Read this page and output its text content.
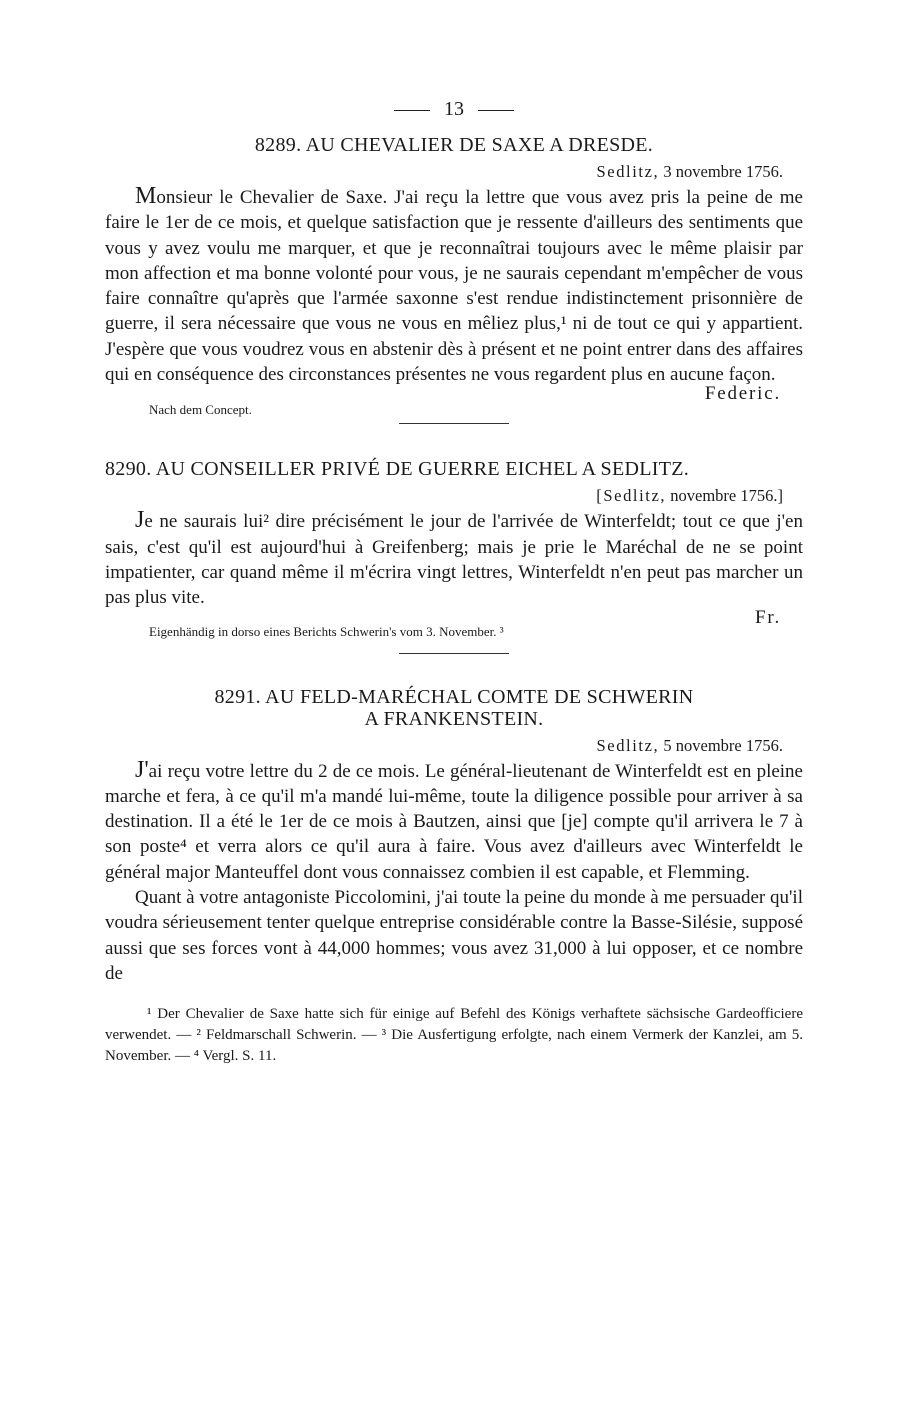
13
8289. AU CHEVALIER DE SAXE A DRESDE.
Sedlitz, 3 novembre 1756.

Monsieur le Chevalier de Saxe. J'ai reçu la lettre que vous avez pris la peine de me faire le 1er de ce mois, et quelque satisfaction que je ressente d'ailleurs des sentiments que vous y avez voulu me marquer, et que je reconnaîtrai toujours avec le même plaisir par mon affection et ma bonne volonté pour vous, je ne saurais cependant m'empêcher de vous faire connaître qu'après que l'armée saxonne s'est rendue indistinctement prisonnière de guerre, il sera nécessaire que vous ne vous en mêliez plus,¹ ni de tout ce qui y appartient. J'espère que vous voudrez vous en abstenir dès à présent et ne point entrer dans des affaires qui en conséquence des circonstances présentes ne vous regardent plus en aucune façon.

Nach dem Concept.
Federic.
8290. AU CONSEILLER PRIVÉ DE GUERRE EICHEL A SEDLITZ.
[Sedlitz, novembre 1756.]

Je ne saurais lui² dire précisément le jour de l'arrivée de Winterfeldt; tout ce que j'en sais, c'est qu'il est aujourd'hui à Greifenberg; mais je prie le Maréchal de ne se point impatienter, car quand même il m'écrira vingt lettres, Winterfeldt n'en peut pas marcher un pas plus vite.

Eigenhändig in dorso eines Berichts Schwerin's vom 3. November. ³
Fr.
8291. AU FELD-MARÉCHAL COMTE DE SCHWERIN
A FRANKENSTEIN.
Sedlitz, 5 novembre 1756.

J'ai reçu votre lettre du 2 de ce mois. Le général-lieutenant de Winterfeldt est en pleine marche et fera, à ce qu'il m'a mandé lui-même, toute la diligence possible pour arriver à sa destination. Il a été le 1er de ce mois à Bautzen, ainsi que [je] compte qu'il arrivera le 7 à son poste⁴ et verra alors ce qu'il aura à faire. Vous avez d'ailleurs avec Winterfeldt le général major Manteuffel dont vous connaissez combien il est capable, et Flemming.

Quant à votre antagoniste Piccolomini, j'ai toute la peine du monde à me persuader qu'il voudra sérieusement tenter quelque entreprise considérable contre la Basse-Silésie, supposé aussi que ses forces vont à 44,000 hommes; vous avez 31,000 à lui opposer, et ce nombre de

¹ Der Chevalier de Saxe hatte sich für einige auf Befehl des Königs verhaftete sächsische Gardeofficiere verwendet. — ² Feldmarschall Schwerin. — ³ Die Ausfertigung erfolgte, nach einem Vermerk der Kanzlei, am 5. November. — ⁴ Vergl. S. 11.
